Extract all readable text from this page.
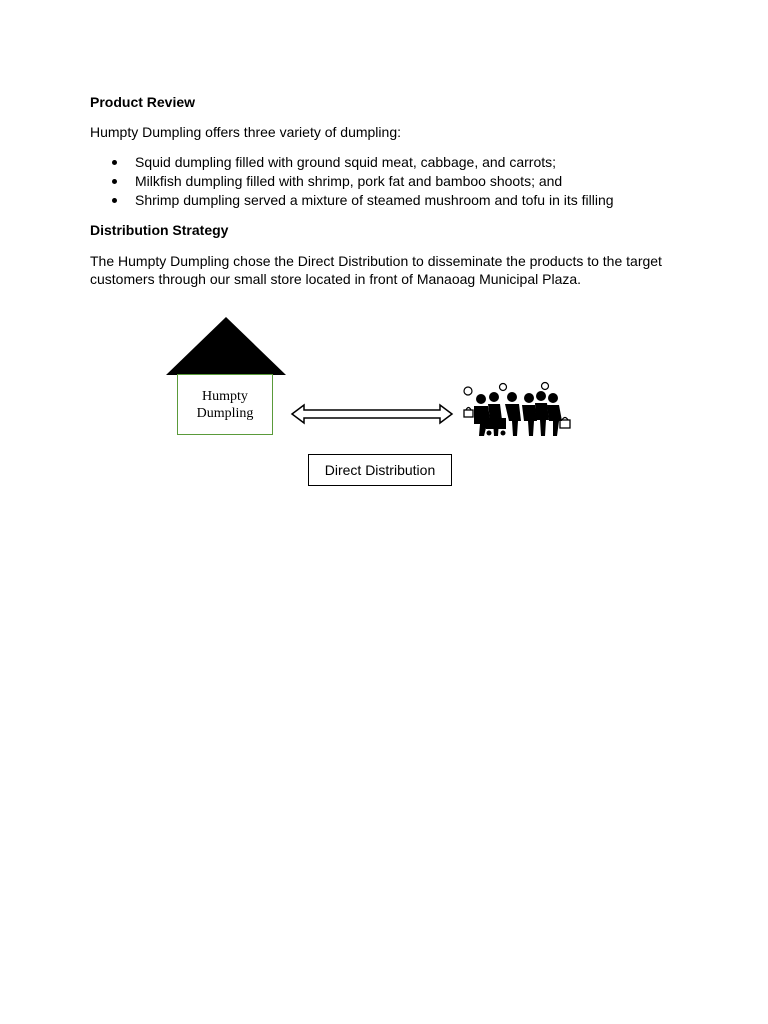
Product Review

Humpty Dumpling offers three variety of dumpling:

Squid dumpling filled with ground squid meat, cabbage, and carrots;
Milkfish dumpling filled with shrimp, pork fat and bamboo shoots; and
Shrimp dumpling served a mixture of steamed mushroom and tofu in its filling
Distribution Strategy

The Humpty Dumpling chose the Direct Distribution to disseminate the products to the target customers through our small store located in front of Manaoag Municipal Plaza.

Humpty
Dumpling
Direct Distribution
